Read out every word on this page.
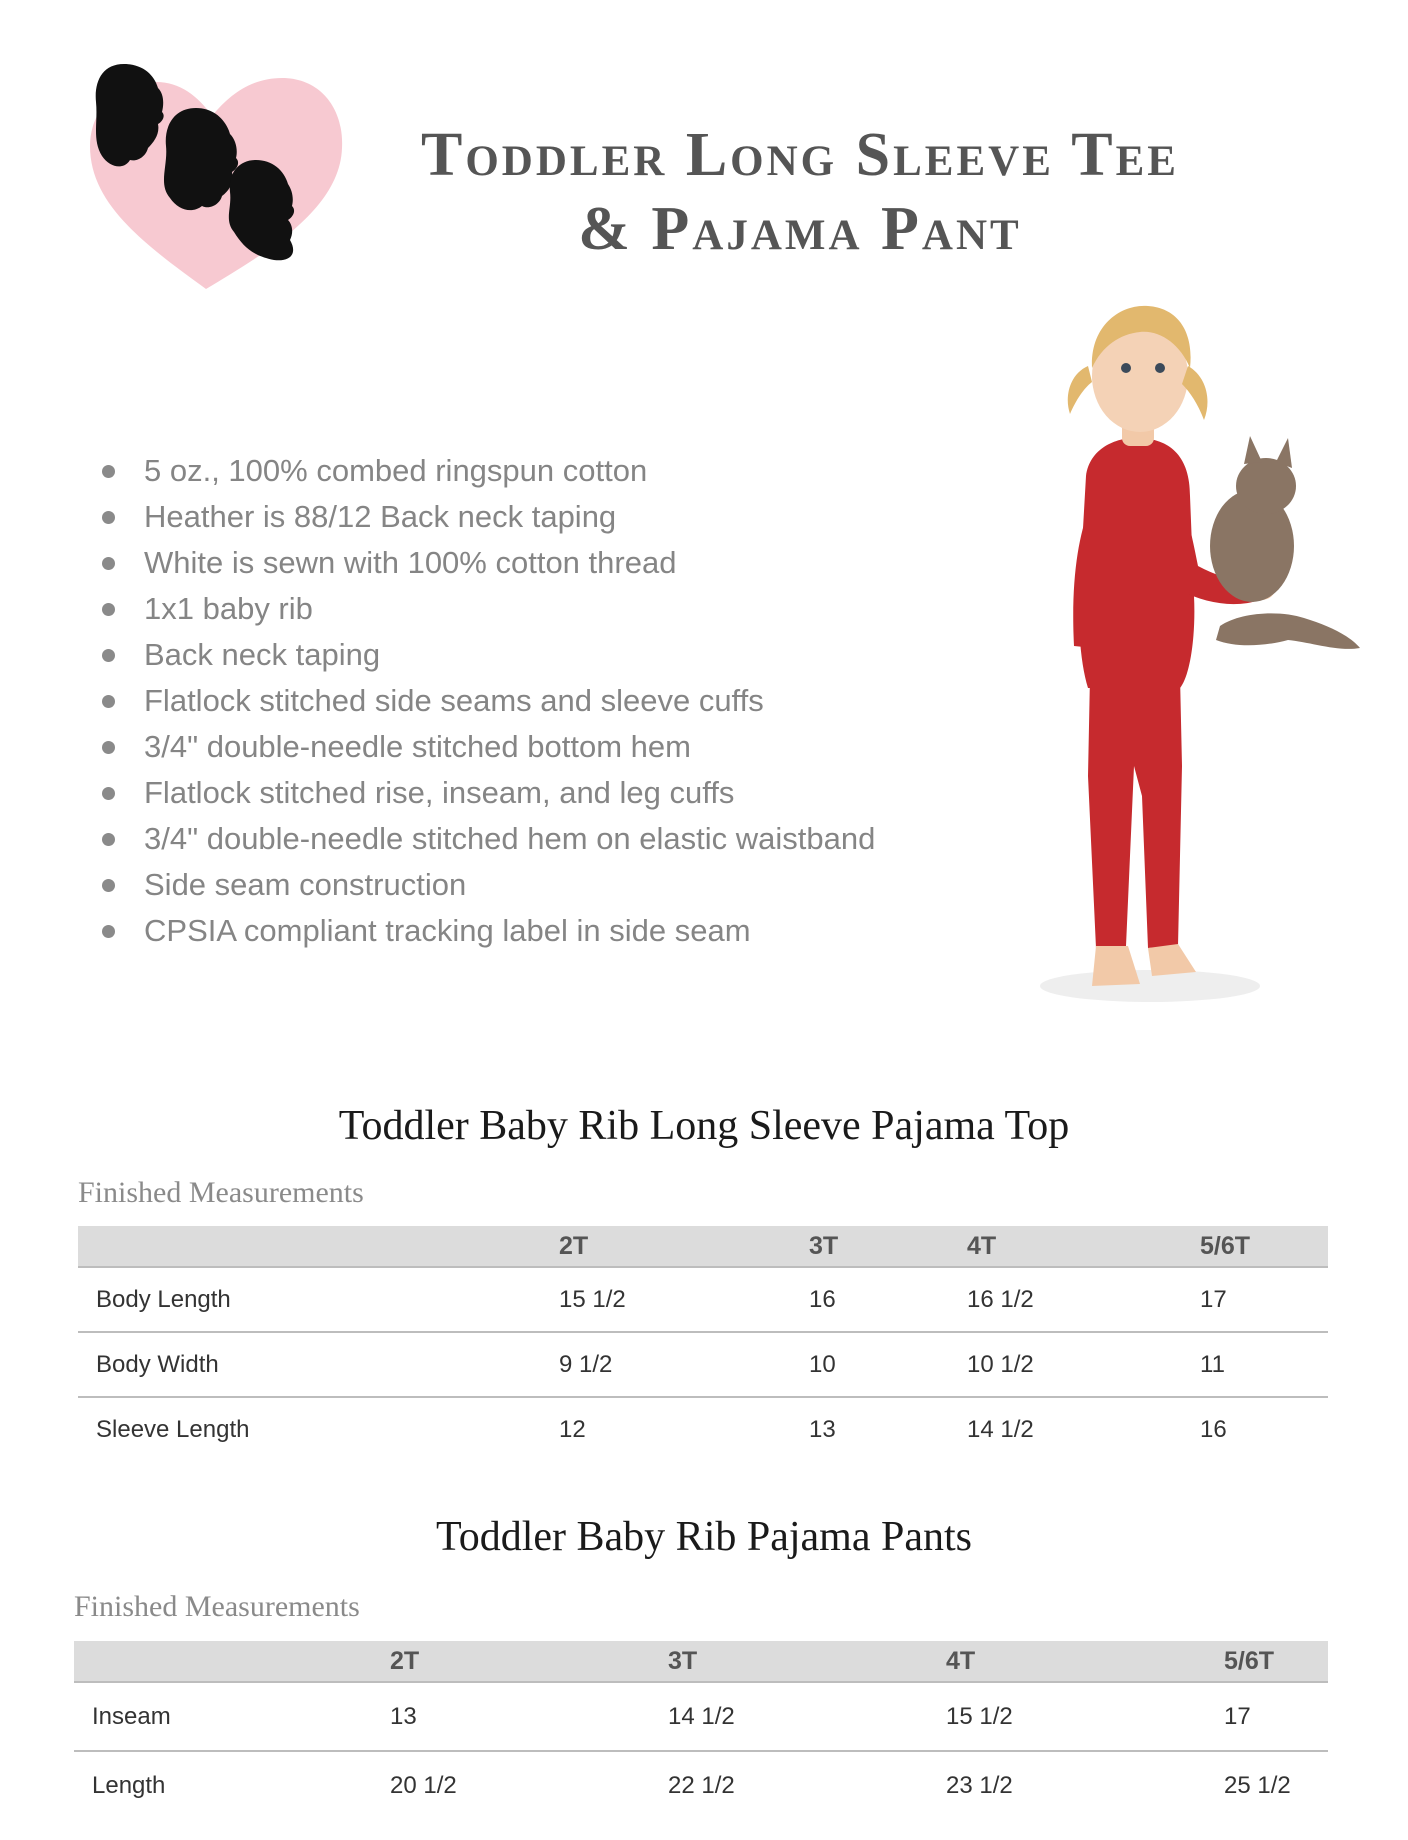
Toddler Long Sleeve Tee
& Pajama Pant
5 oz., 100% combed ringspun cotton
Heather is 88/12 Back neck taping
White is sewn with 100% cotton thread
1x1 baby rib
Back neck taping
Flatlock stitched side seams and sleeve cuffs
3/4" double-needle stitched bottom hem
Flatlock stitched rise, inseam, and leg cuffs
3/4" double-needle stitched hem on elastic waistband
Side seam construction
CPSIA compliant tracking label in side seam
Toddler Baby Rib Long Sleeve Pajama Top

Finished Measurements

	2T	3T	4T	5/6T
Body Length	15 1/2	16	16 1/2	17
Body Width	9 1/2	10	10 1/2	11
Sleeve Length	12	13	14 1/2	16
Toddler Baby Rib Pajama Pants

Finished Measurements

	2T	3T	4T	5/6T
Inseam	13	14 1/2	15 1/2	17
Length	20 1/2	22 1/2	23 1/2	25 1/2
